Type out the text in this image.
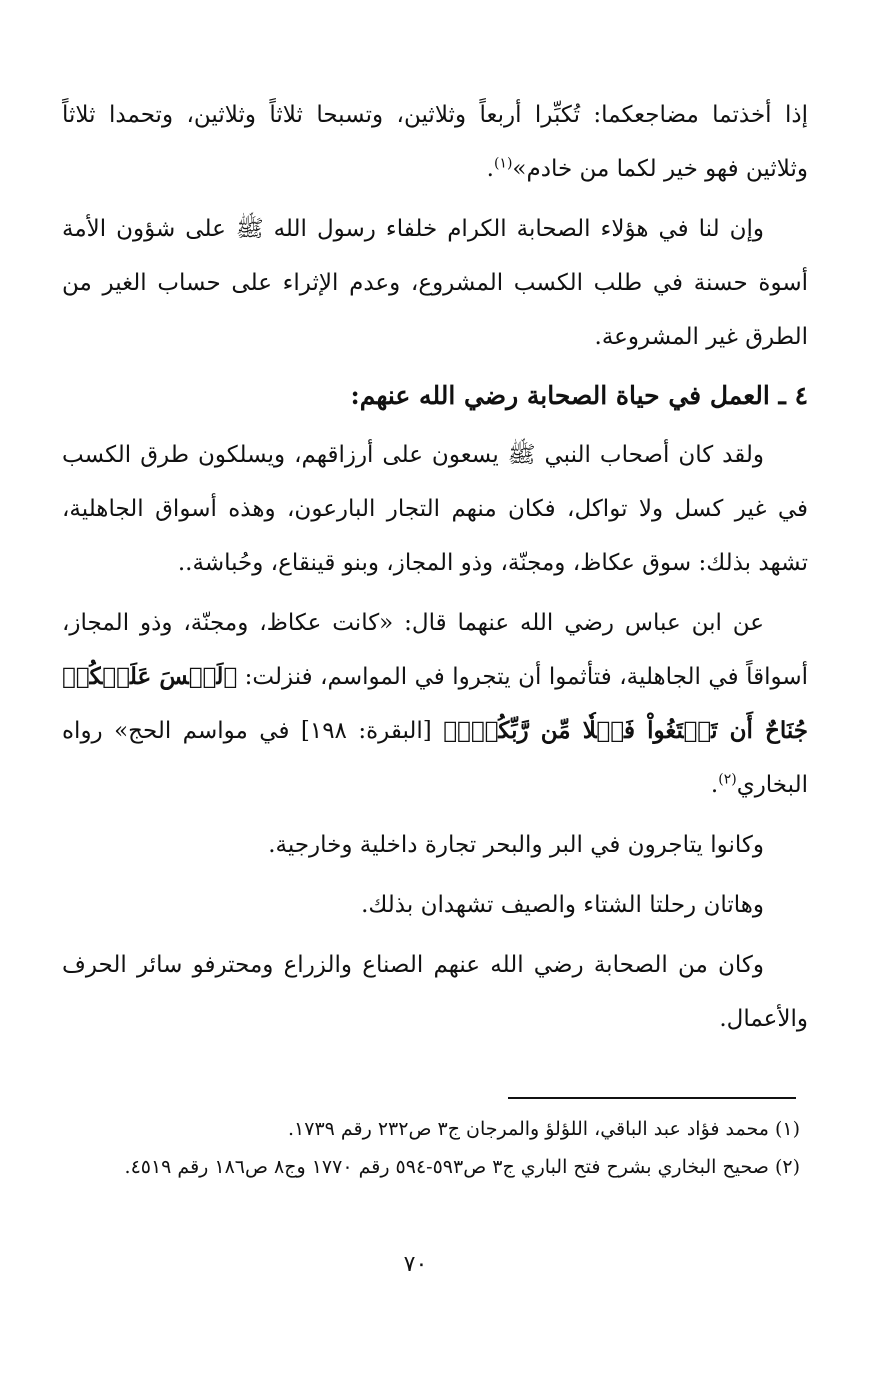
إذا أخذتما مضاجعكما: تُكبِّرا أربعاً وثلاثين، وتسبحا ثلاثاً وثلاثين، وتحمدا ثلاثاً وثلاثين فهو خير لكما من خادم»$^{(١)}$.

وإن لنا في هؤلاء الصحابة الكرام خلفاء رسول الله ﷺ على شؤون الأمة أسوة حسنة في طلب الكسب المشروع، وعدم الإثراء على حساب الغير من الطرق غير المشروعة.

٤ ـ العمل في حياة الصحابة رضي الله عنهم:

ولقد كان أصحاب النبي ﷺ يسعون على أرزاقهم، ويسلكون طرق الكسب في غير كسل ولا تواكل، فكان منهم التجار البارعون، وهذه أسواق الجاهلية، تشهد بذلك: سوق عكاظ، ومجنّة، وذو المجاز، وبنو قينقاع، وحُباشة..

عن ابن عباس رضي الله عنهما قال: «كانت عكاظ، ومجنّة، وذو المجاز، أسواقاً في الجاهلية، فتأثموا أن يتجروا في المواسم، فنزلت: ﴿لَيۡسَ عَلَيۡكُمۡ جُنَاحٌ أَن تَبۡتَغُواْ فَضۡلٗا مِّن رَّبِّكُمۡۚ﴾ [البقرة: ١٩٨] في مواسم الحج» رواه البخاري$^{(٢)}$.

وكانوا يتاجرون في البر والبحر تجارة داخلية وخارجية.

وهاتان رحلتا الشتاء والصيف تشهدان بذلك.

وكان من الصحابة رضي الله عنهم الصناع والزراع ومحترفو سائر الحرف والأعمال.

(١) محمد فؤاد عبد الباقي، اللؤلؤ والمرجان ج٣ ص٢٣٢ رقم ١٧٣٩.

(٢) صحيح البخاري بشرح فتح الباري ج٣ ص٥٩٣-٥٩٤ رقم ١٧٧٠ وج٨ ص١٨٦ رقم ٤٥١٩.

٧٠
